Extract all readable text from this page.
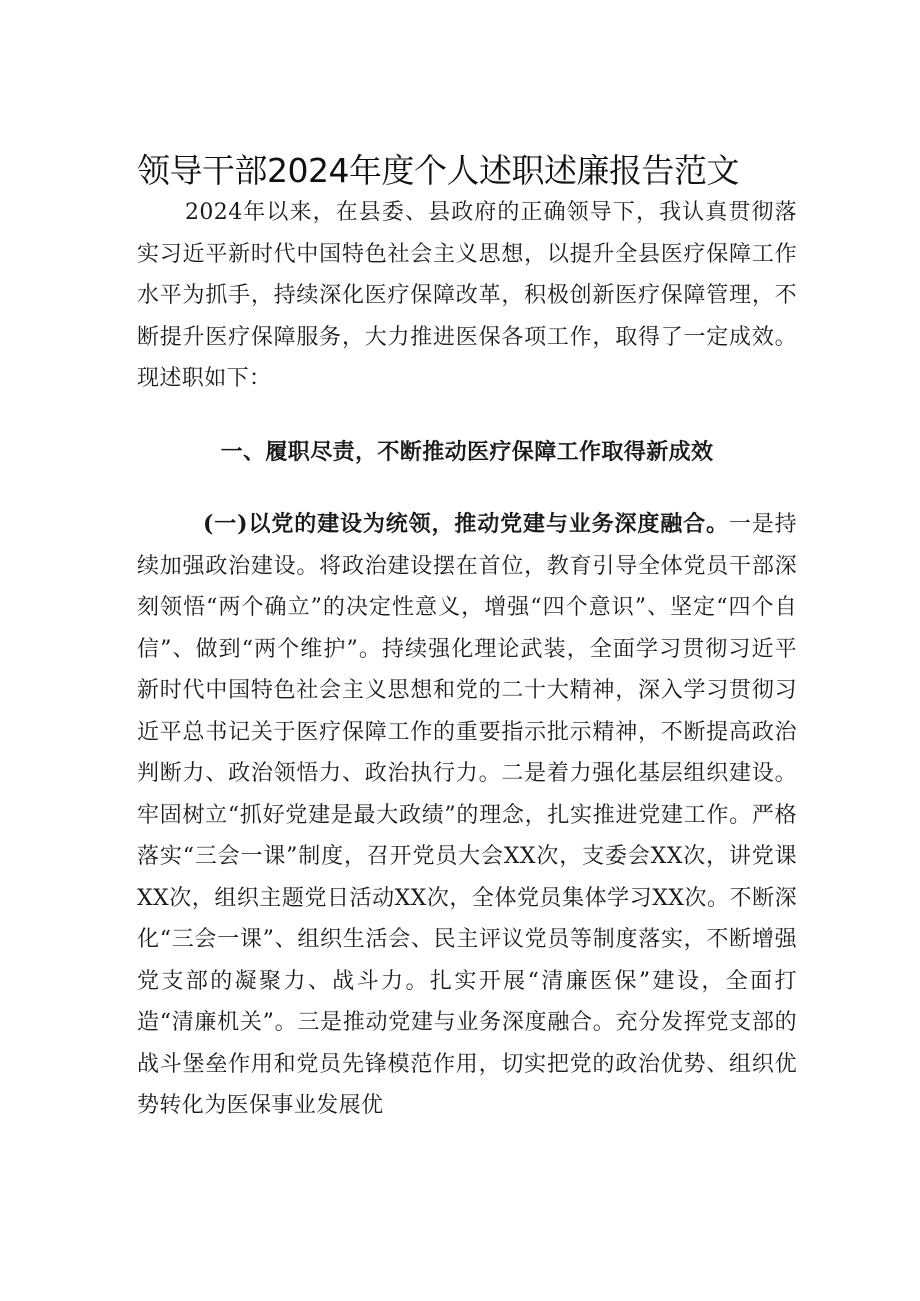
领导干部2024年度个人述职述廉报告范文

2024年以来，在县委、县政府的正确领导下，我认真贯彻落实习近平新时代中国特色社会主义思想，以提升全县医疗保障工作水平为抓手，持续深化医疗保障改革，积极创新医疗保障管理，不断提升医疗保障服务，大力推进医保各项工作，取得了一定成效。现述职如下：

一、履职尽责，不断推动医疗保障工作取得新成效

(一)以党的建设为统领，推动党建与业务深度融合。一是持续加强政治建设。将政治建设摆在首位，教育引导全体党员干部深刻领悟“两个确立”的决定性意义，增强“四个意识”、坚定“四个自信”、做到“两个维护”。持续强化理论武装，全面学习贯彻习近平新时代中国特色社会主义思想和党的二十大精神，深入学习贯彻习近平总书记关于医疗保障工作的重要指示批示精神，不断提高政治判断力、政治领悟力、政治执行力。二是着力强化基层组织建设。牢固树立“抓好党建是最大政绩”的理念，扎实推进党建工作。严格落实“三会一课”制度，召开党员大会XX次，支委会XX次，讲党课XX次，组织主题党日活动XX次，全体党员集体学习XX次。不断深化“三会一课”、组织生活会、民主评议党员等制度落实，不断增强党支部的凝聚力、战斗力。扎实开展“清廉医保”建设，全面打造“清廉机关”。三是推动党建与业务深度融合。充分发挥党支部的战斗堡垒作用和党员先锋模范作用，切实把党的政治优势、组织优势转化为医保事业发展优
